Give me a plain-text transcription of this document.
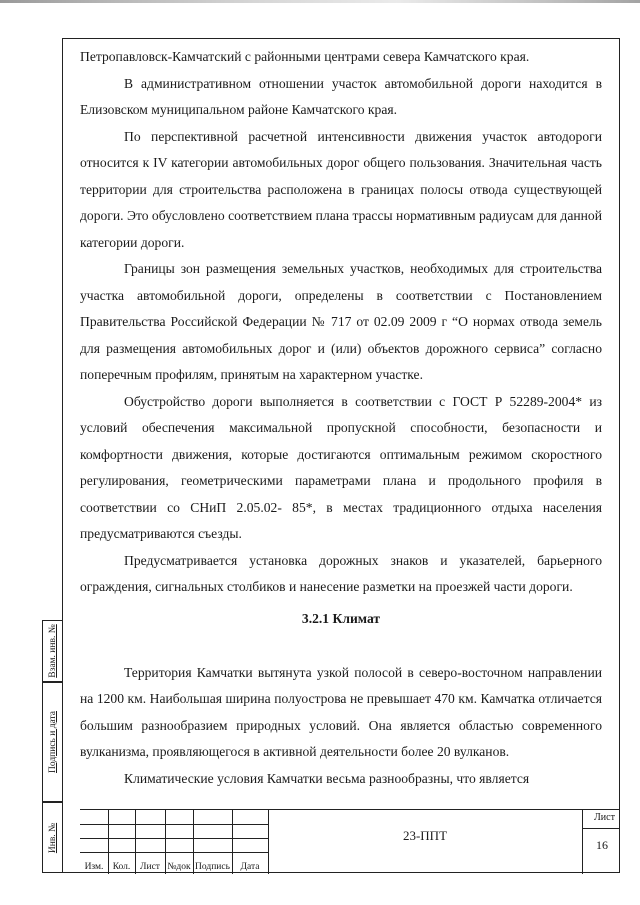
Петропавловск-Камчатский с районными центрами севера Камчатского края.

В административном отношении участок автомобильной дороги находится в Елизовском муниципальном районе Камчатского края.

По перспективной расчетной интенсивности движения участок автодороги относится к IV категории автомобильных дорог общего пользования. Значительная часть территории для строительства расположена в границах полосы отвода существующей дороги. Это обусловлено соответствием плана трассы нормативным радиусам для данной категории дороги.

Границы зон размещения земельных участков, необходимых для строительства участка автомобильной дороги, определены в соответствии с Постановлением Правительства Российской Федерации № 717 от 02.09 2009 г “О нормах отвода земель для размещения автомобильных дорог и (или) объектов дорожного сервиса” согласно поперечным профилям, принятым на характерном участке.

Обустройство дороги выполняется в соответствии с ГОСТ Р 52289-2004* из условий обеспечения максимальной пропускной способности, безопасности и комфортности движения, которые достигаются оптимальным режимом скоростного регулирования, геометрическими параметрами плана и продольного профиля в соответствии со СНиП 2.05.02- 85*, в местах традиционного отдыха населения предусматриваются съезды.

Предусматривается установка дорожных знаков и указателей, барьерного ограждения, сигнальных столбиков и нанесение разметки на проезжей части дороги.

3.2.1 Климат

Территория Камчатки вытянута узкой полосой в северо-восточном направлении на 1200 км. Наибольшая ширина полуострова не превышает 470 км. Камчатка отличается большим разнообразием природных условий. Она является областью современного вулканизма, проявляющегося в активной деятельности более 20 вулканов.

Климатические условия Камчатки весьма разнообразны, что является

Взам. инв. №
Подпись и дата
Инв. №
Изм. Кол.	Лист №док Подпись	Дата
23-ППТ
Лист
16
